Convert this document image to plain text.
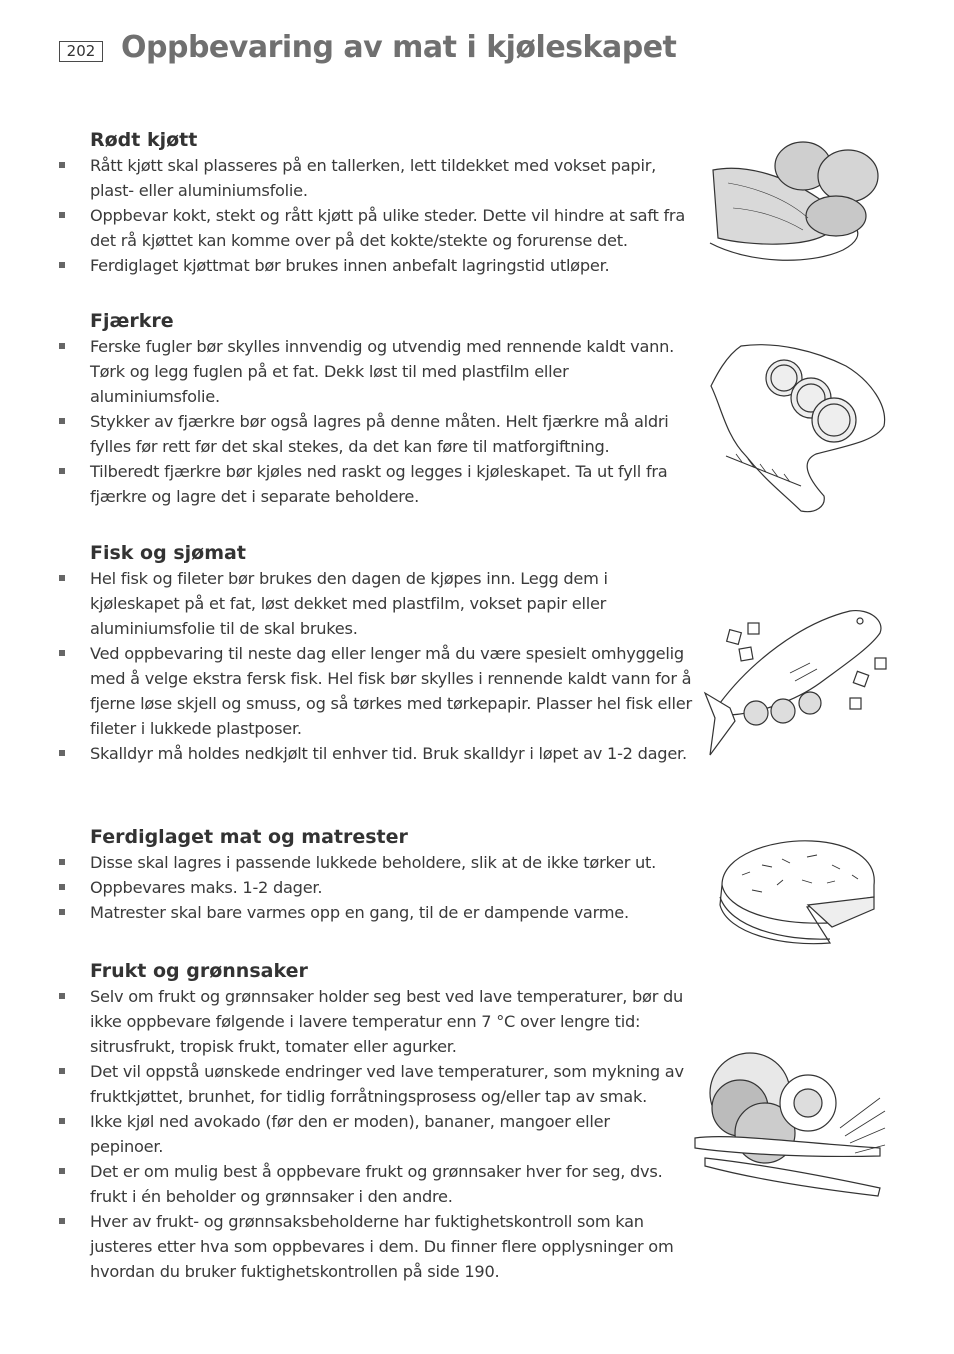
202 Oppbevaring av mat i kjøleskapet
Rødt kjøtt
Rått kjøtt skal plasseres på en tallerken, lett tildekket med vokset papir, plast- eller aluminiumsfolie.
Oppbevar kokt, stekt og rått kjøtt på ulike steder. Dette vil hindre at saft fra det rå kjøttet kan komme over på det kokte/stekte og forurense det.
Ferdiglaget kjøttmat bør brukes innen anbefalt lagringstid utløper.
Fjærkre
Ferske fugler bør skylles innvendig og utvendig med rennende kaldt vann. Tørk og legg fuglen på et fat. Dekk løst til med plastfilm eller aluminiumsfolie.
Stykker av fjærkre bør også lagres på denne måten. Helt fjærkre må aldri fylles før rett før det skal stekes, da det kan føre til matforgiftning.
Tilberedt fjærkre bør kjøles ned raskt og legges i kjøleskapet. Ta ut fyll fra fjærkre og lagre det i separate beholdere.
Fisk og sjømat
Hel fisk og fileter bør brukes den dagen de kjøpes inn. Legg dem i kjøleskapet på et fat, løst dekket med plastfilm, vokset papir eller aluminiumsfolie til de skal brukes.
Ved oppbevaring til neste dag eller lenger må du være spesielt omhyggelig med å velge ekstra fersk fisk. Hel fisk bør skylles i rennende kaldt vann for å fjerne løse skjell og smuss, og så tørkes med tørkepapir. Plasser hel fisk eller fileter i lukkede plastposer.
Skalldyr må holdes nedkjølt til enhver tid. Bruk skalldyr i løpet av 1-2 dager.
Ferdiglaget mat og matrester
Disse skal lagres i passende lukkede beholdere, slik at de ikke tørker ut.
Oppbevares maks. 1-2 dager.
Matrester skal bare varmes opp en gang, til de er dampende varme.
Frukt og grønnsaker
Selv om frukt og grønnsaker holder seg best ved lave temperaturer, bør du ikke oppbevare følgende i lavere temperatur enn 7 °C over lengre tid: sitrusfrukt, tropisk frukt, tomater eller agurker.
Det vil oppstå uønskede endringer ved lave temperaturer, som mykning av fruktkjøttet, brunhet, for tidlig forråtningsprosess og/eller tap av smak.
Ikke kjøl ned avokado (før den er moden), bananer, mangoer eller pepinoer.
Det er om mulig best å oppbevare frukt og grønnsaker hver for seg, dvs. frukt i én beholder og grønnsaker i den andre.
Hver av frukt- og grønnsaksbeholderne har fuktighetskontroll som kan justeres etter hva som oppbevares i dem. Du finner flere opplysninger om hvordan du bruker fuktighetskontrollen på side 190.
